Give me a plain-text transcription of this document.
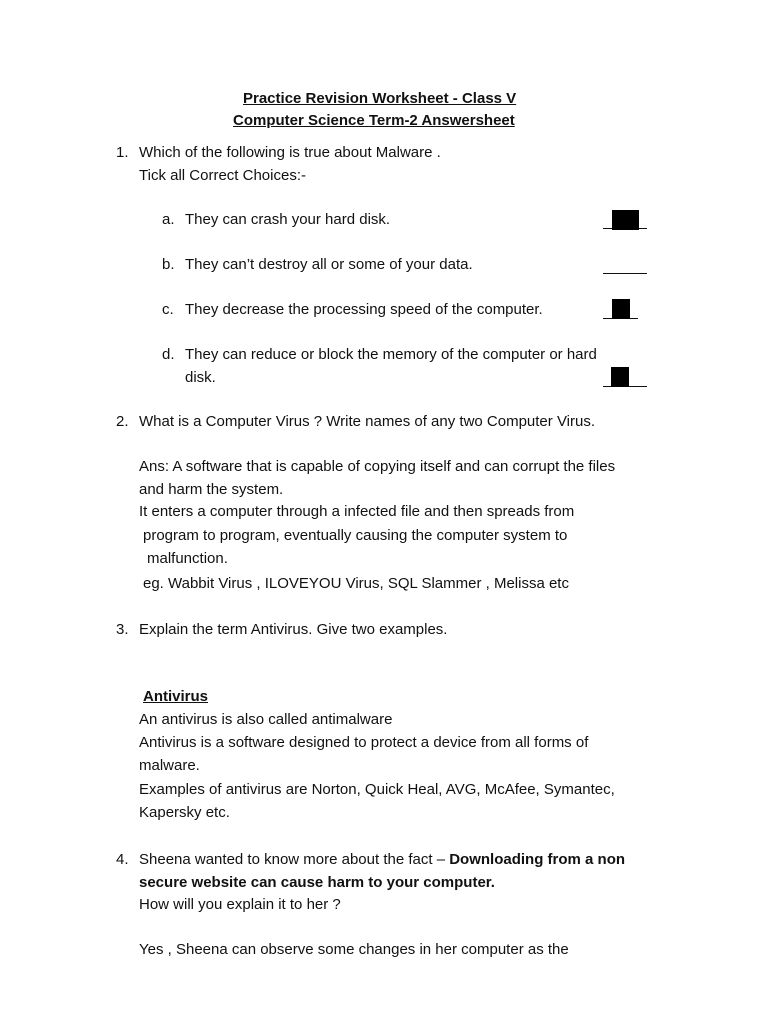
Practice Revision Worksheet - Class V
Computer Science Term-2 Answersheet
1. Which of the following is true about Malware .
Tick all Correct Choices:-
a. They can crash your hard disk.
b. They can’t destroy all or some of your data.
c. They decrease the processing speed of the computer.
d. They can reduce or block the memory of the computer or hard
disk.
2. What is a Computer Virus ? Write names of any two Computer Virus.
Ans: A software that is capable of copying itself and can corrupt the files
and harm the system.
It enters a computer through a infected file and then spreads from
program to program, eventually causing the computer system to
malfunction.
eg. Wabbit Virus , ILOVEYOU Virus, SQL Slammer , Melissa etc
3. Explain the term Antivirus. Give two examples.
Antivirus
An antivirus is also called antimalware
Antivirus is a software designed to protect a device from all forms of
malware.
Examples of antivirus are Norton, Quick Heal, AVG, McAfee, Symantec,
Kapersky etc.
4. Sheena wanted to know more about the fact – Downloading from a non
secure website can cause harm to your computer.
How will you explain it to her ?
Yes , Sheena can observe some changes in her computer as the
